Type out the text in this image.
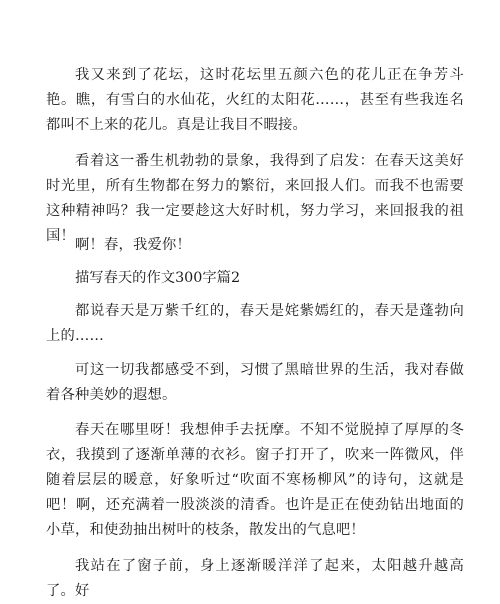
我又来到了花坛，这时花坛里五颜六色的花儿正在争芳斗艳。瞧，有雪白的水仙花，火红的太阳花……，甚至有些我连名都叫不上来的花儿。真是让我目不暇接。

看着这一番生机勃勃的景象，我得到了启发：在春天这美好时光里，所有生物都在努力的繁衍，来回报人们。而我不也需要这种精神吗？我一定要趁这大好时机，努力学习，来回报我的祖国！

啊！春，我爱你！

描写春天的作文300字篇2

都说春天是万紫千红的，春天是姹紫嫣红的，春天是蓬勃向上的……

可这一切我都感受不到，习惯了黑暗世界的生活，我对春做着各种美妙的遐想。

春天在哪里呀！我想伸手去抚摩。不知不觉脱掉了厚厚的冬衣，我摸到了逐渐单薄的衣衫。窗子打开了，吹来一阵微风，伴随着层层的暖意，好象听过“吹面不寒杨柳风”的诗句，这就是吧！啊，还充满着一股淡淡的清香。也许是正在使劲钻出地面的小草，和使劲抽出树叶的枝条，散发出的气息吧！

我站在了窗子前，身上逐渐暖洋洋了起来，太阳越升越高了。好
